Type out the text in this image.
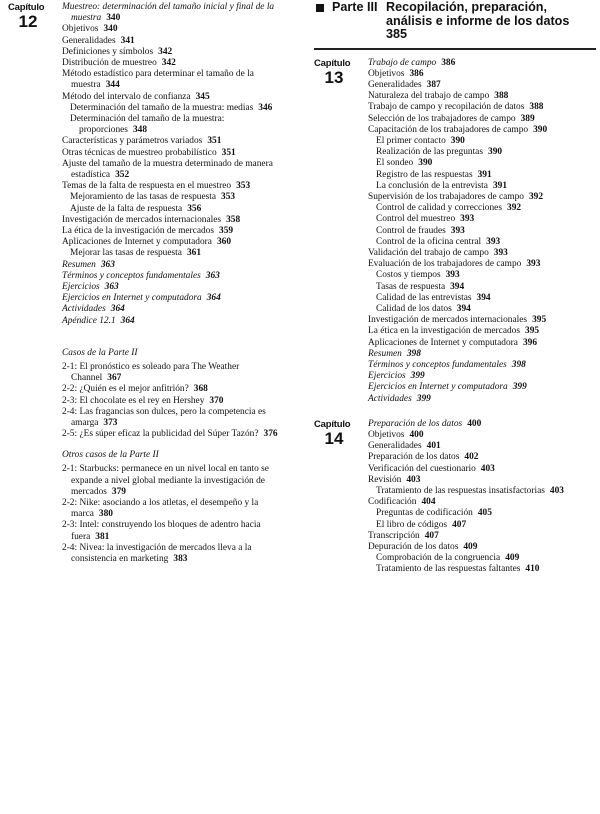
Capítulo
12
Muestreo: determinación del tamaño inicial y final de la muestra 340
Objetivos 340
Generalidades 341
Definiciones y símbolos 342
Distribución de muestreo 342
Método estadístico para determinar el tamaño de la muestra 344
Método del intervalo de confianza 345
Determinación del tamaño de la muestra: medias 346
Determinación del tamaño de la muestra: proporciones 348
Características y parámetros variados 351
Otras técnicas de muestreo probabilístico 351
Ajuste del tamaño de la muestra determinado de manera estadística 352
Temas de la falta de respuesta en el muestreo 353
Mejoramiento de las tasas de respuesta 353
Ajuste de la falta de respuesta 356
Investigación de mercados internacionales 358
La ética de la investigación de mercados 359
Aplicaciones de Internet y computadora 360
Mejorar las tasas de respuesta 361
Resumen 363
Términos y conceptos fundamentales 363
Ejercicios 363
Ejercicios en Internet y computadora 364
Actividades 364
Apéndice 12.1 364
Casos de la Parte II
2-1: El pronóstico es soleado para The Weather Channel 367
2-2: ¿Quién es el mejor anfitrión? 368
2-3: El chocolate es el rey en Hershey 370
2-4: Las fragancias son dulces, pero la competencia es amarga 373
2-5: ¿Es súper eficaz la publicidad del Súper Tazón? 376
Otros casos de la Parte II
2-1: Starbucks: permanece en un nivel local en tanto se expande a nivel global mediante la investigación de mercados 379
2-2: Nike: asociando a los atletas, el desempeño y la marca 380
2-3: Intel: construyendo los bloques de adentro hacia fuera 381
2-4: Nivea: la investigación de mercados lleva a la consistencia en marketing 383
Parte III Recopilación, preparación, análisis e informe de los datos
385
Capítulo
13
Trabajo de campo 386
Objetivos 386
Generalidades 387
Naturaleza del trabajo de campo 388
Trabajo de campo y recopilación de datos 388
Selección de los trabajadores de campo 389
Capacitación de los trabajadores de campo 390
El primer contacto 390
Realización de las preguntas 390
El sondeo 390
Registro de las respuestas 391
La conclusión de la entrevista 391
Supervisión de los trabajadores de campo 392
Control de calidad y correcciones 392
Control del muestreo 393
Control de fraudes 393
Control de la oficina central 393
Validación del trabajo de campo 393
Evaluación de los trabajadores de campo 393
Costos y tiempos 393
Tasas de respuesta 394
Calidad de las entrevistas 394
Calidad de los datos 394
Investigación de mercados internacionales 395
La ética en la investigación de mercados 395
Aplicaciones de Internet y computadora 396
Resumen 398
Términos y conceptos fundamentales 398
Ejercicios 399
Ejercicios en Internet y computadora 399
Actividades 399
Capítulo
14
Preparación de los datos 400
Objetivos 400
Generalidades 401
Preparación de los datos 402
Verificación del cuestionario 403
Revisión 403
Tratamiento de las respuestas insatisfactorias 403
Codificación 404
Preguntas de codificación 405
El libro de códigos 407
Transcripción 407
Depuración de los datos 409
Comprobación de la congruencia 409
Tratamiento de las respuestas faltantes 410
